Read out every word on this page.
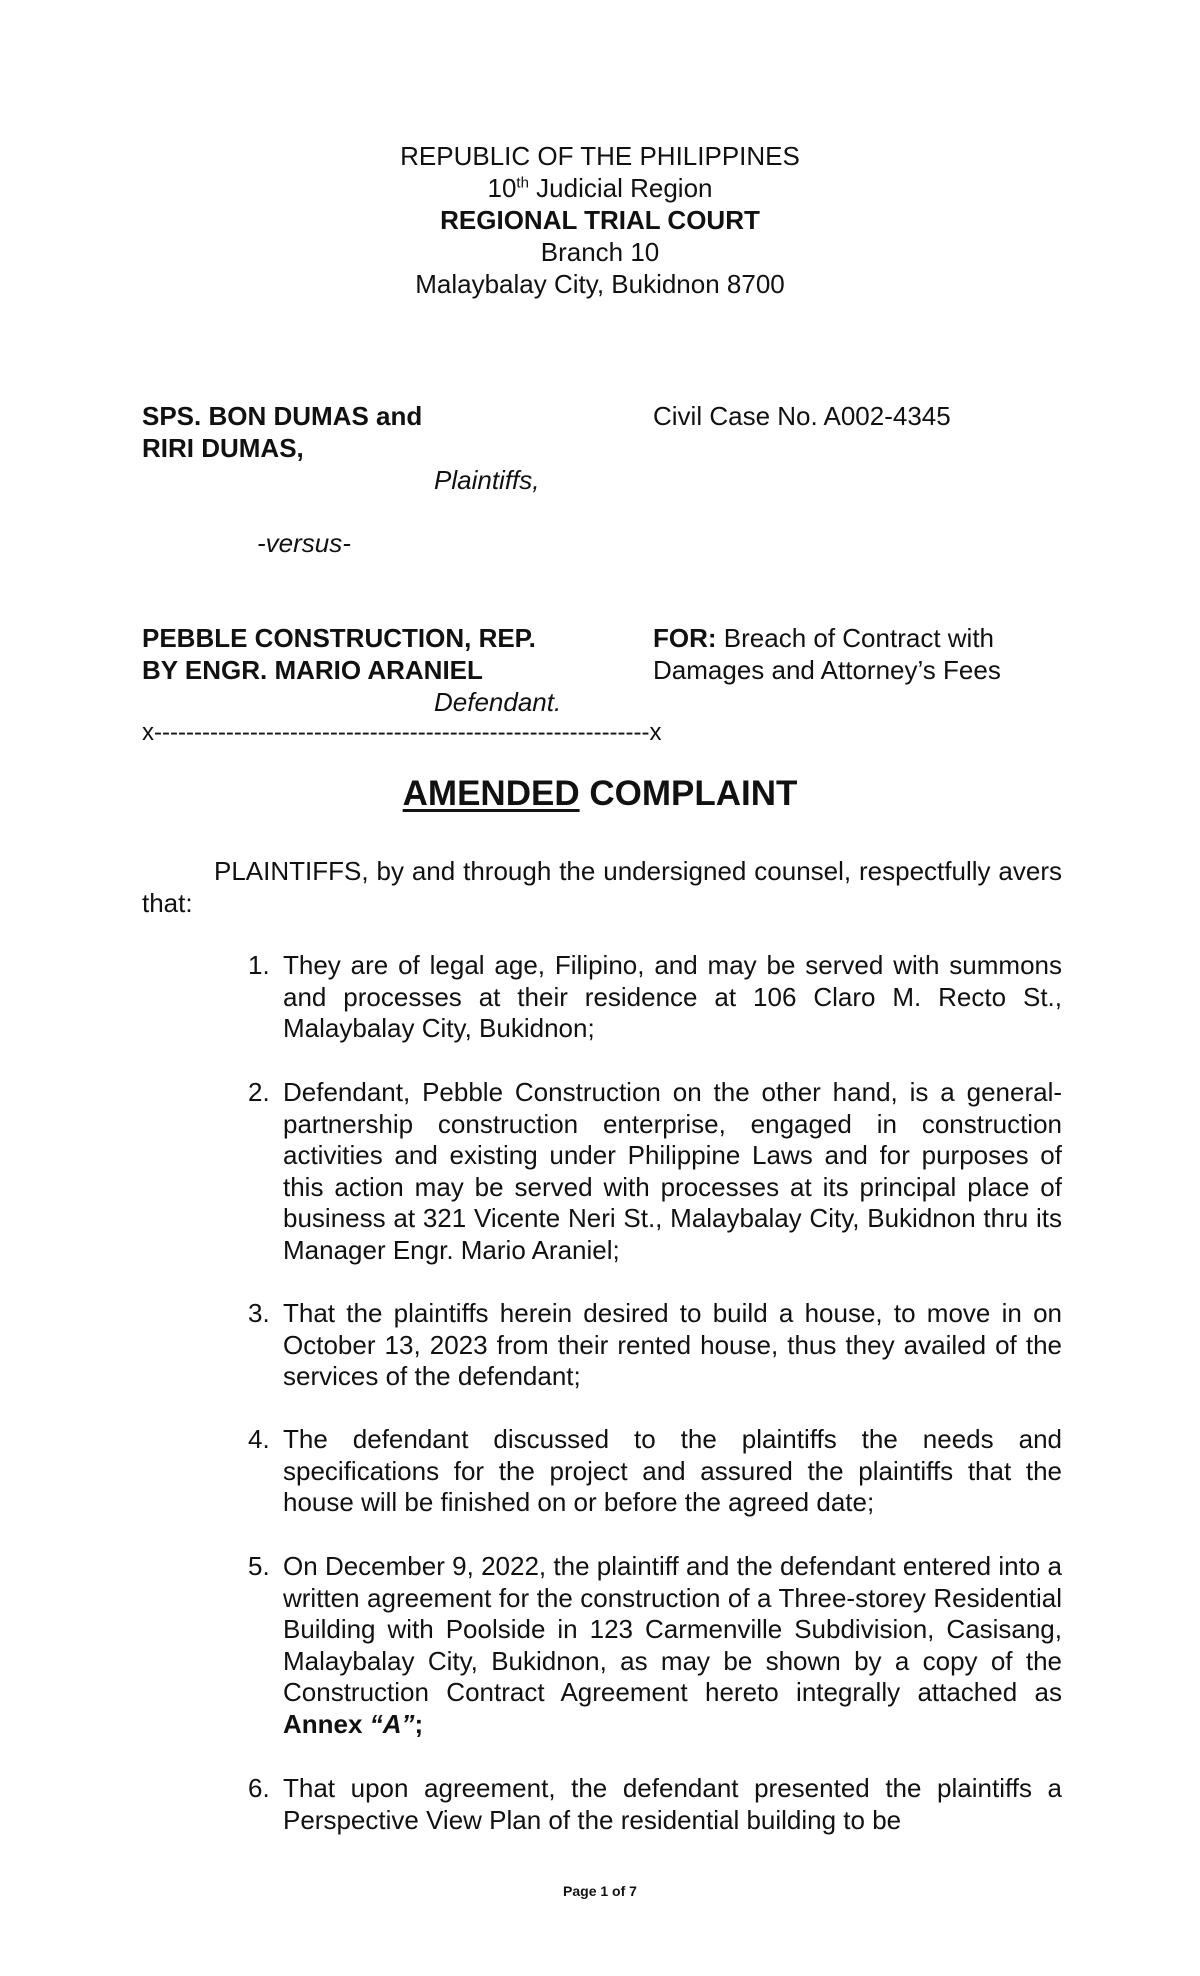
REPUBLIC OF THE PHILIPPINES
10th Judicial Region
REGIONAL TRIAL COURT
Branch 10
Malaybalay City, Bukidnon 8700
SPS. BON DUMAS and
RIRI DUMAS,
Plaintiffs,
Civil Case No. A002-4345
-versus-
PEBBLE CONSTRUCTION, REP.
BY ENGR. MARIO ARANIEL
Defendant.
FOR: Breach of Contract with
Damages and Attorney’s Fees
x--------------------------------------------------------------x
AMENDED COMPLAINT
PLAINTIFFS, by and through the undersigned counsel, respectfully avers that:
1. They are of legal age, Filipino, and may be served with summons and processes at their residence at 106 Claro M. Recto St., Malaybalay City, Bukidnon;
2. Defendant, Pebble Construction on the other hand, is a general-partnership construction enterprise, engaged in construction activities and existing under Philippine Laws and for purposes of this action may be served with processes at its principal place of business at 321 Vicente Neri St., Malaybalay City, Bukidnon thru its Manager Engr. Mario Araniel;
3. That the plaintiffs herein desired to build a house, to move in on October 13, 2023 from their rented house, thus they availed of the services of the defendant;
4. The defendant discussed to the plaintiffs the needs and specifications for the project and assured the plaintiffs that the house will be finished on or before the agreed date;
5. On December 9, 2022, the plaintiff and the defendant entered into a written agreement for the construction of a Three-storey Residential Building with Poolside in 123 Carmenville Subdivision, Casisang, Malaybalay City, Bukidnon, as may be shown by a copy of the Construction Contract Agreement hereto integrally attached as Annex “A”;
6. That upon agreement, the defendant presented the plaintiffs a Perspective View Plan of the residential building to be
Page 1 of 7
